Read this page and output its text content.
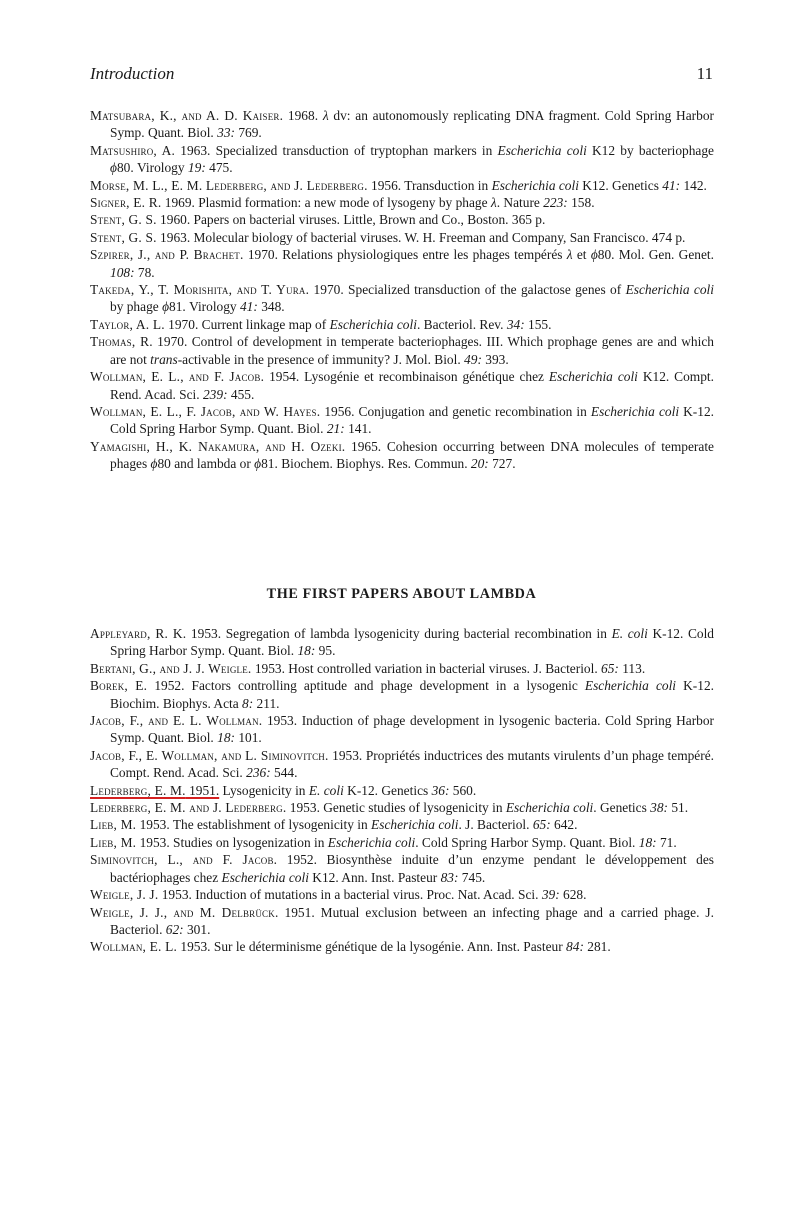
Introduction	11

Matsubara, K., and A. D. Kaiser. 1968. λ dv: an autonomously replicating DNA fragment. Cold Spring Harbor Symp. Quant. Biol. 33: 769.

Matsushiro, A. 1963. Specialized transduction of tryptophan markers in Escherichia coli K12 by bacteriophage ϕ80. Virology 19: 475.

Morse, M. L., E. M. Lederberg, and J. Lederberg. 1956. Transduction in Escherichia coli K12. Genetics 41: 142.

Signer, E. R. 1969. Plasmid formation: a new mode of lysogeny by phage λ. Nature 223: 158.

Stent, G. S. 1960. Papers on bacterial viruses. Little, Brown and Co., Boston. 365 p.

Stent, G. S. 1963. Molecular biology of bacterial viruses. W. H. Freeman and Company, San Francisco. 474 p.

Szpirer, J., and P. Brachet. 1970. Relations physiologiques entre les phages tempérés λ et ϕ80. Mol. Gen. Genet. 108: 78.

Takeda, Y., T. Morishita, and T. Yura. 1970. Specialized transduction of the galactose genes of Escherichia coli by phage ϕ81. Virology 41: 348.

Taylor, A. L. 1970. Current linkage map of Escherichia coli. Bacteriol. Rev. 34: 155.

Thomas, R. 1970. Control of development in temperate bacteriophages. III. Which prophage genes are and which are not trans-activable in the presence of immunity? J. Mol. Biol. 49: 393.

Wollman, E. L., and F. Jacob. 1954. Lysogénie et recombinaison génétique chez Escherichia coli K12. Compt. Rend. Acad. Sci. 239: 455.

Wollman, E. L., F. Jacob, and W. Hayes. 1956. Conjugation and genetic recombination in Escherichia coli K-12. Cold Spring Harbor Symp. Quant. Biol. 21: 141.

Yamagishi, H., K. Nakamura, and H. Ozeki. 1965. Cohesion occurring between DNA molecules of temperate phages ϕ80 and lambda or ϕ81. Biochem. Biophys. Res. Commun. 20: 727.

THE FIRST PAPERS ABOUT LAMBDA

Appleyard, R. K. 1953. Segregation of lambda lysogenicity during bacterial recombination in E. coli K-12. Cold Spring Harbor Symp. Quant. Biol. 18: 95.

Bertani, G., and J. J. Weigle. 1953. Host controlled variation in bacterial viruses. J. Bacteriol. 65: 113.

Borek, E. 1952. Factors controlling aptitude and phage development in a lysogenic Escherichia coli K-12. Biochim. Biophys. Acta 8: 211.

Jacob, F., and E. L. Wollman. 1953. Induction of phage development in lysogenic bacteria. Cold Spring Harbor Symp. Quant. Biol. 18: 101.

Jacob, F., E. Wollman, and L. Siminovitch. 1953. Propriétés inductrices des mutants virulents d’un phage tempéré. Compt. Rend. Acad. Sci. 236: 544.

Lederberg, E. M. 1951. Lysogenicity in E. coli K-12. Genetics 36: 560.

Lederberg, E. M. and J. Lederberg. 1953. Genetic studies of lysogenicity in Escherichia coli. Genetics 38: 51.

Lieb, M. 1953. The establishment of lysogenicity in Escherichia coli. J. Bacteriol. 65: 642.

Lieb, M. 1953. Studies on lysogenization in Escherichia coli. Cold Spring Harbor Symp. Quant. Biol. 18: 71.

Siminovitch, L., and F. Jacob. 1952. Biosynthèse induite d’un enzyme pendant le développement des bactériophages chez Escherichia coli K12. Ann. Inst. Pasteur 83: 745.

Weigle, J. J. 1953. Induction of mutations in a bacterial virus. Proc. Nat. Acad. Sci. 39: 628.

Weigle, J. J., and M. Delbrück. 1951. Mutual exclusion between an infecting phage and a carried phage. J. Bacteriol. 62: 301.

Wollman, E. L. 1953. Sur le déterminisme génétique de la lysogénie. Ann. Inst. Pasteur 84: 281.
